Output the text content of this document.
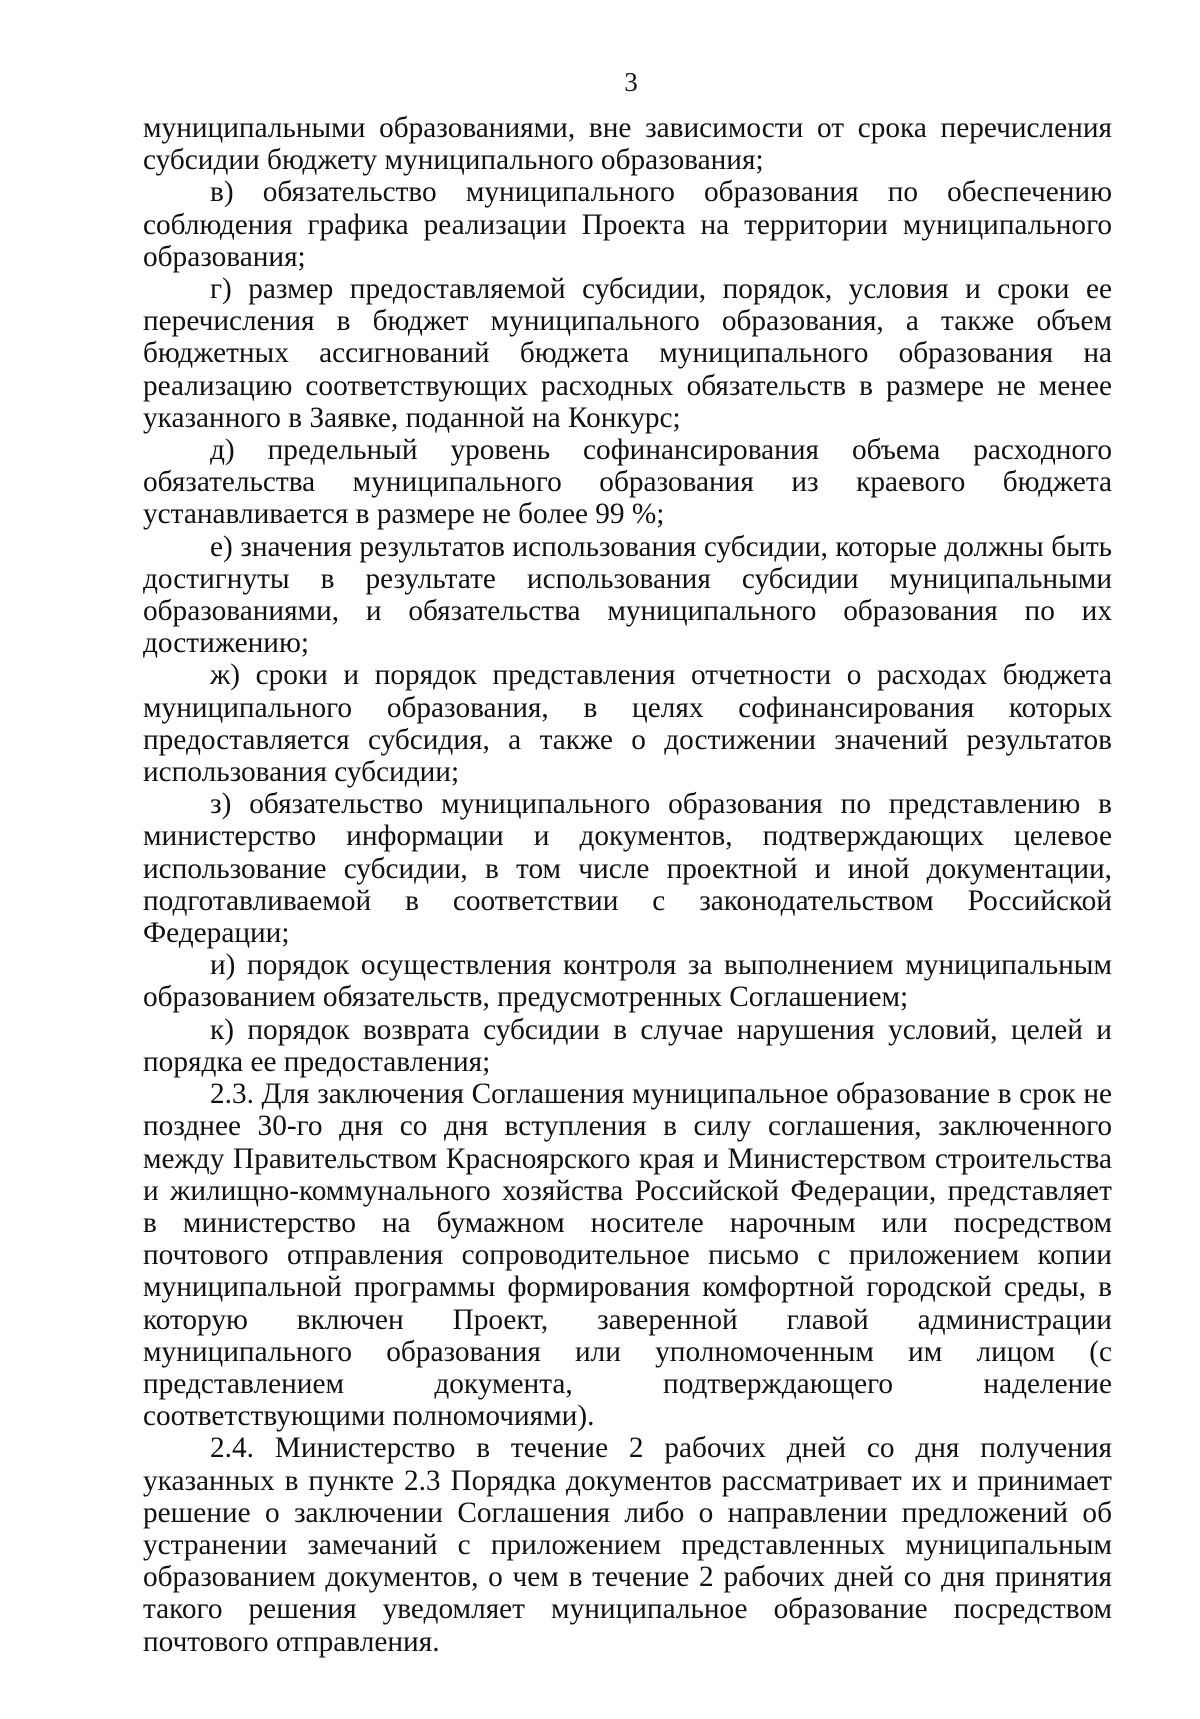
3

муниципальными образованиями, вне зависимости от срока перечисления субсидии бюджету муниципального образования;

в) обязательство муниципального образования по обеспечению соблюдения графика реализации Проекта на территории муниципального образования;

г) размер предоставляемой субсидии, порядок, условия и сроки ее перечисления в бюджет муниципального образования, а также объем бюджетных ассигнований бюджета муниципального образования на реализацию соответствующих расходных обязательств в размере не менее указанного в Заявке, поданной на Конкурс;

д) предельный уровень софинансирования объема расходного обязательства муниципального образования из краевого бюджета устанавливается в размере не более 99 %;

е) значения результатов использования субсидии, которые должны быть достигнуты в результате использования субсидии муниципальными образованиями, и обязательства муниципального образования по их достижению;

ж) сроки и порядок представления отчетности о расходах бюджета муниципального образования, в целях софинансирования которых предоставляется субсидия, а также о достижении значений результатов использования субсидии;

з) обязательство муниципального образования по представлению в министерство информации и документов, подтверждающих целевое использование субсидии, в том числе проектной и иной документации, подготавливаемой в соответствии с законодательством Российской Федерации;

и) порядок осуществления контроля за выполнением муниципальным образованием обязательств, предусмотренных Соглашением;

к) порядок возврата субсидии в случае нарушения условий, целей и порядка ее предоставления;

2.3. Для заключения Соглашения муниципальное образование в срок не позднее 30-го дня со дня вступления в силу соглашения, заключенного между Правительством Красноярского края и Министерством строительства и жилищно-коммунального хозяйства Российской Федерации, представляет в министерство на бумажном носителе нарочным или посредством почтового отправления сопроводительное письмо с приложением копии муниципальной программы формирования комфортной городской среды, в которую включен Проект, заверенной главой администрации муниципального образования или уполномоченным им лицом (с представлением документа, подтверждающего наделение соответствующими полномочиями).

2.4. Министерство в течение 2 рабочих дней со дня получения указанных в пункте 2.3 Порядка документов рассматривает их и принимает решение о заключении Соглашения либо о направлении предложений об устранении замечаний с приложением представленных муниципальным образованием документов, о чем в течение 2 рабочих дней со дня принятия такого решения уведомляет муниципальное образование посредством почтового отправления.
